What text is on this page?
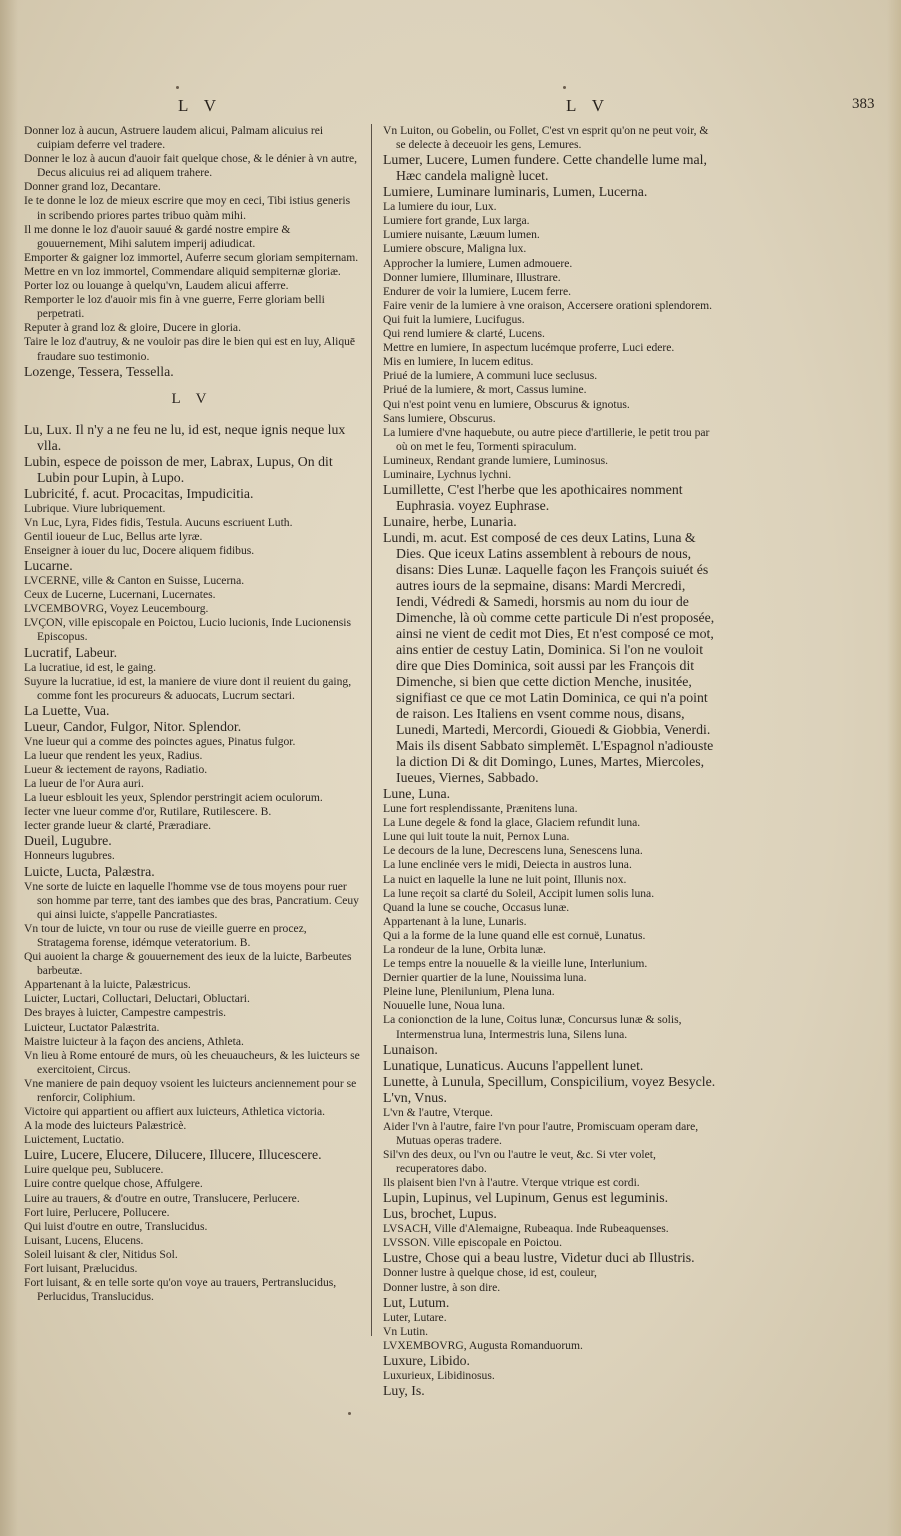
L V	L V	383

Donner loz à aucun, Astruere laudem alicui, Palmam alicuius rei cuipiam deferre vel tradere.

Donner le loz à aucun d'auoir fait quelque chose, & le dénier à vn autre, Decus alicuius rei ad aliquem trahere.

Donner grand loz, Decantare.

Ie te donne le loz de mieux escrire que moy en ceci, Tibi istius generis in scribendo priores partes tribuo quàm mihi.

Il me donne le loz d'auoir sauué & gardé nostre empire & gouuernement, Mihi salutem imperij adiudicat.

Emporter & gaigner loz immortel, Auferre secum gloriam sempiternam.

Mettre en vn loz immortel, Commendare aliquid sempiternæ gloriæ.

Porter loz ou louange à quelqu'vn, Laudem alicui afferre.

Remporter le loz d'auoir mis fin à vne guerre, Ferre gloriam belli perpetrati.

Reputer à grand loz & gloire, Ducere in gloria.

Taire le loz d'autruy, & ne vouloir pas dire le bien qui est en luy, Aliquē fraudare suo testimonio.

Lozenge, Tessera, Tessella.

L V

Lu, Lux. Il n'y a ne feu ne lu, id est, neque ignis neque lux vlla.

Lubin, espece de poisson de mer, Labrax, Lupus, On dit Lubin pour Lupin, à Lupo.

Lubricité, f. acut. Procacitas, Impudicitia.

Lubrique. Viure lubriquement.

Vn Luc, Lyra, Fides fidis, Testula. Aucuns escriuent Luth.

Gentil ioueur de Luc, Bellus arte lyræ.

Enseigner à iouer du luc, Docere aliquem fidibus.

Lucarne.

LVCERNE, ville & Canton en Suisse, Lucerna.

Ceux de Lucerne, Lucernani, Lucernates.

LVCEMBOVRG, Voyez Leucembourg.

LVÇON, ville episcopale en Poictou, Lucio lucionis, Inde Lucionensis Episcopus.

Lucratif, Labeur.

La lucratiue, id est, le gaing.

Suyure la lucratiue, id est, la maniere de viure dont il reuient du gaing, comme font les procureurs & aduocats, Lucrum sectari.

La Luette, Vua.

Lueur, Candor, Fulgor, Nitor. Splendor.

Vne lueur qui a comme des poinctes agues, Pinatus fulgor.

La lueur que rendent les yeux, Radius.

Lueur & iectement de rayons, Radiatio.

La lueur de l'or Aura auri.

La lueur esblouit les yeux, Splendor perstringit aciem oculorum.

Iecter vne lueur comme d'or, Rutilare, Rutilescere. B.

Iecter grande lueur & clarté, Præradiare.

Dueil, Lugubre.

Honneurs lugubres.

Luicte, Lucta, Palæstra.

Vne sorte de luicte en laquelle l'homme vse de tous moyens pour ruer son homme par terre, tant des iambes que des bras, Pancratium. Ceuy qui ainsi luicte, s'appelle Pancratiastes.

Vn tour de luicte, vn tour ou ruse de vieille guerre en procez, Stratagema forense, idémque veteratorium. B.

Qui auoient la charge & gouuernement des ieux de la luicte, Barbeutes barbeutæ.

Appartenant à la luicte, Palæstricus.

Luicter, Luctari, Colluctari, Deluctari, Obluctari.

Des brayes à luicter, Campestre campestris.

Luicteur, Luctator Palæstrita.

Maistre luicteur à la façon des anciens, Athleta.

Vn lieu à Rome entouré de murs, où les cheuaucheurs, & les luicteurs se exercitoient, Circus.

Vne maniere de pain dequoy vsoient les luicteurs anciennement pour se renforcir, Coliphium.

Victoire qui appartient ou affiert aux luicteurs, Athletica victoria.

A la mode des luicteurs Palæstricè.

Luictement, Luctatio.

Luire, Lucere, Elucere, Dilucere, Illucere, Illucescere.

Luire quelque peu, Sublucere.

Luire contre quelque chose, Affulgere.

Luire au trauers, & d'outre en outre, Translucere, Perlucere.

Fort luire, Perlucere, Pollucere.

Qui luist d'outre en outre, Translucidus.

Luisant, Lucens, Elucens.

Soleil luisant & cler, Nitidus Sol.

Fort luisant, Prælucidus.

Fort luisant, & en telle sorte qu'on voye au trauers, Pertranslucidus, Perlucidus, Translucidus.

Vn Luiton, ou Gobelin, ou Follet, C'est vn esprit qu'on ne peut voir, & se delecte à deceuoir les gens, Lemures.

Lumer, Lucere, Lumen fundere. Cette chandelle lume mal, Hæc candela malignè lucet.

Lumiere, Luminare luminaris, Lumen, Lucerna.

La lumiere du iour, Lux.

Lumiere fort grande, Lux larga.

Lumiere nuisante, Læuum lumen.

Lumiere obscure, Maligna lux.

Approcher la lumiere, Lumen admouere.

Donner lumiere, Illuminare, Illustrare.

Endurer de voir la lumiere, Lucem ferre.

Faire venir de la lumiere à vne oraison, Accersere orationi splendorem.

Qui fuit la lumiere, Lucifugus.

Qui rend lumiere & clarté, Lucens.

Mettre en lumiere, In aspectum lucémque proferre, Luci edere.

Mis en lumiere, In lucem editus.

Priué de la lumiere, A communi luce seclusus.

Priué de la lumiere, & mort, Cassus lumine.

Qui n'est point venu en lumiere, Obscurus & ignotus.

Sans lumiere, Obscurus.

La lumiere d'vne haquebute, ou autre piece d'artillerie, le petit trou par où on met le feu, Tormenti spiraculum.

Lumineux, Rendant grande lumiere, Luminosus.

Luminaire, Lychnus lychni.

Lumillette, C'est l'herbe que les apothicaires nomment Euphrasia. voyez Euphrase.

Lunaire, herbe, Lunaria.

Lundi, m. acut. Est composé de ces deux Latins, Luna & Dies. Que iceux Latins assemblent à rebours de nous, disans: Dies Lunæ. Laquelle façon les François suiuét és autres iours de la sepmaine, disans: Mardi Mercredi, Iendi, Védredi & Samedi, horsmis au nom du iour de Dimenche, là où comme cette particule Di n'est proposée, ainsi ne vient de cedit mot Dies, Et n'est composé ce mot, ains entier de cestuy Latin, Dominica. Si l'on ne vouloit dire que Dies Dominica, soit aussi par les François dit Dimenche, si bien que cette diction Menche, inusitée, signifiast ce que ce mot Latin Dominica, ce qui n'a point de raison. Les Italiens en vsent comme nous, disans, Lunedi, Martedi, Mercordi, Giouedi & Giobbia, Venerdi. Mais ils disent Sabbato simplemēt. L'Espagnol n'adiouste la diction Di & dit Domingo, Lunes, Martes, Miercoles, Iueues, Viernes, Sabbado.

Lune, Luna.

Lune fort resplendissante, Prænitens luna.

La Lune degele & fond la glace, Glaciem refundit luna.

Lune qui luit toute la nuit, Pernox Luna.

Le decours de la lune, Decrescens luna, Senescens luna.

La lune enclinée vers le midi, Deiecta in austros luna.

La nuict en laquelle la lune ne luit point, Illunis nox.

La lune reçoit sa clarté du Soleil, Accipit lumen solis luna.

Quand la lune se couche, Occasus lunæ.

Appartenant à la lune, Lunaris.

Qui a la forme de la lune quand elle est cornuë, Lunatus.

La rondeur de la lune, Orbita lunæ.

Le temps entre la nouuelle & la vieille lune, Interlunium.

Dernier quartier de la lune, Nouissima luna.

Pleine lune, Plenilunium, Plena luna.

Nouuelle lune, Noua luna.

La conionction de la lune, Coitus lunæ, Concursus lunæ & solis, Intermenstrua luna, Intermestris luna, Silens luna.

Lunaison.

Lunatique, Lunaticus. Aucuns l'appellent lunet.

Lunette, à Lunula, Specillum, Conspicilium, voyez Besycle.

L'vn, Vnus.

L'vn & l'autre, Vterque.

Aider l'vn à l'autre, faire l'vn pour l'autre, Promiscuam operam dare, Mutuas operas tradere.

Sil'vn des deux, ou l'vn ou l'autre le veut, &c. Si vter volet, recuperatores dabo.

Ils plaisent bien l'vn à l'autre. Vterque vtrique est cordi.

Lupin, Lupinus, vel Lupinum, Genus est leguminis.

Lus, brochet, Lupus.

LVSACH, Ville d'Alemaigne, Rubeaqua. Inde Rubeaquenses.

LVSSON. Ville episcopale en Poictou.

Lustre, Chose qui a beau lustre, Videtur duci ab Illustris.

Donner lustre à quelque chose, id est, couleur,

Donner lustre, à son dire.

Lut, Lutum.

Luter, Lutare.

Vn Lutin.

LVXEMBOVRG, Augusta Romanduorum.

Luxure, Libido.

Luxurieux, Libidinosus.

Luy, Is.
